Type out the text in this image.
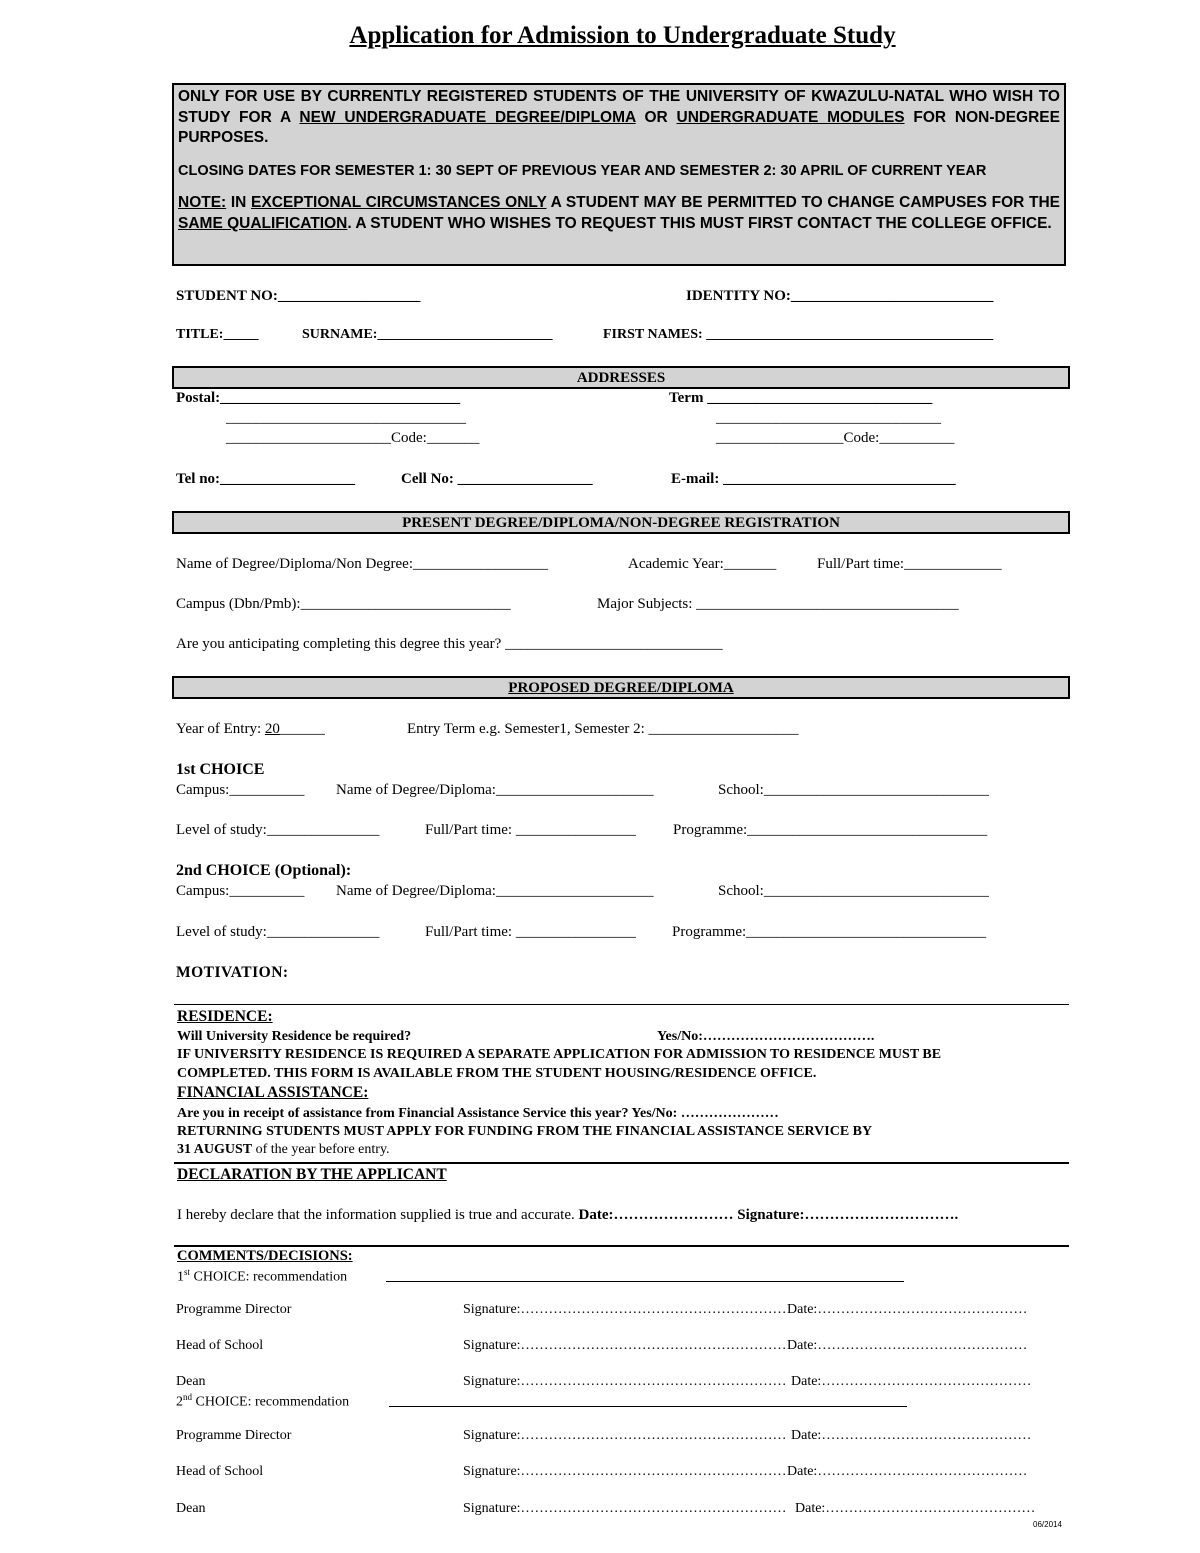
Application for Admission to Undergraduate Study

ONLY FOR USE BY CURRENTLY REGISTERED STUDENTS OF THE UNIVERSITY OF KWAZULU-NATAL WHO WISH TO STUDY FOR A NEW UNDERGRADUATE DEGREE/DIPLOMA OR UNDERGRADUATE MODULES FOR NON-DEGREE PURPOSES.

CLOSING DATES FOR SEMESTER 1: 30 SEPT OF PREVIOUS YEAR AND SEMESTER 2: 30 APRIL OF CURRENT YEAR

NOTE: IN EXCEPTIONAL CIRCUMSTANCES ONLY A STUDENT MAY BE PERMITTED TO CHANGE CAMPUSES FOR THE SAME QUALIFICATION. A STUDENT WHO WISHES TO REQUEST THIS MUST FIRST CONTACT THE COLLEGE OFFICE.

STUDENT NO:___________________	IDENTITY NO:___________________________
TITLE:_____	SURNAME:_________________________	FIRST NAMES: _________________________________________
ADDRESSES
Postal:________________________________
________________________________
______________________Code:_______
Term ______________________________
______________________________
_________________Code:__________
Tel no:__________________	Cell No: __________________	E-mail: _______________________________
PRESENT DEGREE/DIPLOMA/NON-DEGREE REGISTRATION
Name of Degree/Diploma/Non Degree:__________________	Academic Year:_______	Full/Part time:_____________
Campus (Dbn/Pmb):____________________________	Major Subjects: ___________________________________
Are you anticipating completing this degree this year? _____________________________
PROPOSED DEGREE/DIPLOMA
Year of Entry: 20______	Entry Term e.g. Semester1, Semester 2: ____________________
1st CHOICE
Campus:__________ Name of Degree/Diploma:_____________________	School:______________________________
Level of study:_______________	Full/Part time: ________________ Programme:________________________________
2nd CHOICE (Optional):
Campus:__________ Name of Degree/Diploma:_____________________	School:______________________________
Level of study:_______________	Full/Part time: ________________ Programme:________________________________
MOTIVATION:
RESIDENCE:
Will University Residence be required?	Yes/No:……………………………….
IF UNIVERSITY RESIDENCE IS REQUIRED A SEPARATE APPLICATION FOR ADMISSION TO RESIDENCE MUST BE
COMPLETED. THIS FORM IS AVAILABLE FROM THE STUDENT HOUSING/RESIDENCE OFFICE.
FINANCIAL ASSISTANCE:
Are you in receipt of assistance from Financial Assistance Service this year? Yes/No: …………………
RETURNING STUDENTS MUST APPLY FOR FUNDING FROM THE FINANCIAL ASSISTANCE SERVICE BY
31 AUGUST of the year before entry.
DECLARATION BY THE APPLICANT
I hereby declare that the information supplied is true and accurate. Date:…………………… Signature:………………………….
COMMENTS/DECISIONS:
1st CHOICE: recommendation
Programme Director	Signature:………………………………………………… Date:………………………………………
Head of School	Signature:………………………………………………… Date:………………………………………
Dean	Signature:………………………………………………… Date:………………………………………
2nd CHOICE: recommendation
Programme Director	Signature:………………………………………………… Date:………………………………………
Head of School	Signature:………………………………………………… Date:………………………………………
Dean	Signature:………………………………………………… Date:………………………………………
06/2014
